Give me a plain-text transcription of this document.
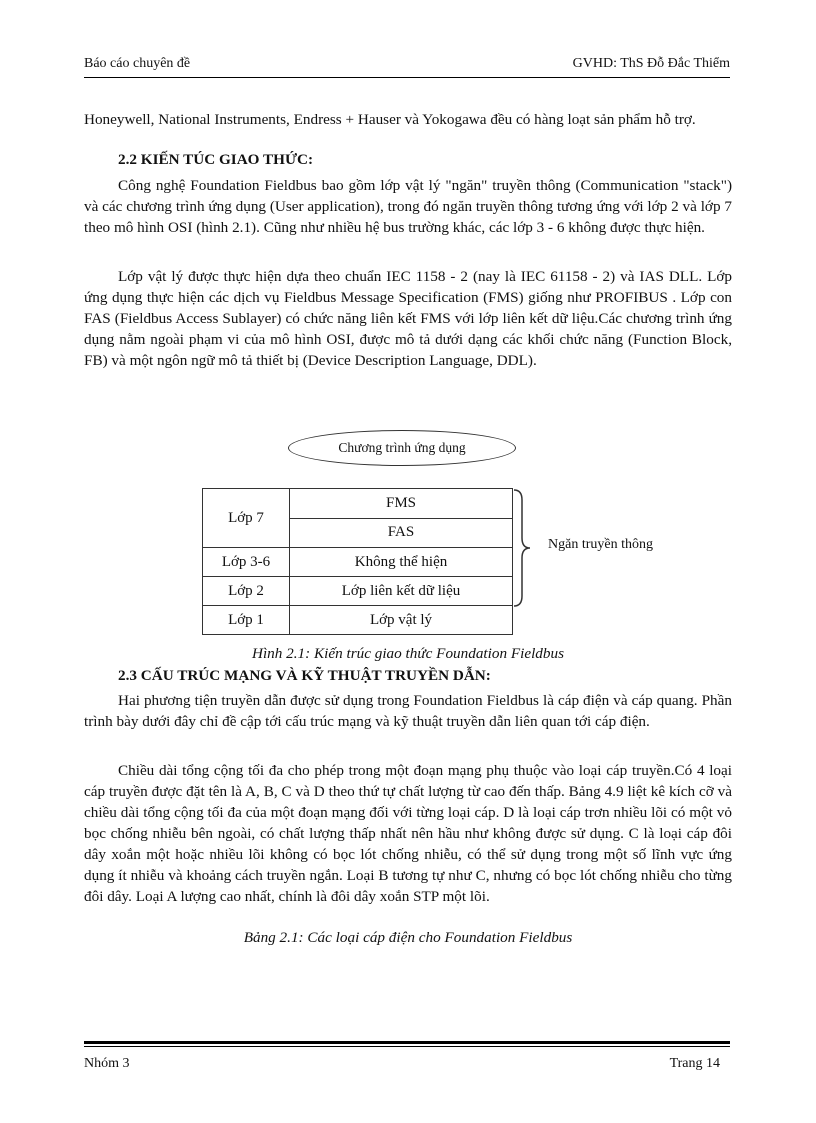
Báo cáo chuyên đề	GVHD: ThS Đỗ Đắc Thiểm

Honeywell, National Instruments, Endress + Hauser và Yokogawa đều có hàng loạt sản phẩm hỗ trợ.

2.2 KIẾN TÚC GIAO THỨC:

Công nghệ Foundation Fieldbus bao gồm lớp vật lý "ngăn" truyền thông (Communication "stack") và các chương trình ứng dụng (User application), trong đó ngăn truyền thông tương ứng với lớp 2 và lớp 7 theo mô hình OSI (hình 2.1). Cũng như nhiều hệ bus trường khác, các lớp 3 - 6 không được thực hiện.

Lớp vật lý được thực hiện dựa theo chuẩn IEC 1158 - 2 (nay là IEC 61158 - 2) và IAS DLL. Lớp ứng dụng thực hiện các dịch vụ Fieldbus Message Specification (FMS) giống như PROFIBUS . Lớp con FAS (Fieldbus Access Sublayer) có chức năng liên kết FMS với lớp liên kết dữ liệu.Các chương trình ứng dụng nằm ngoài phạm vi của mô hình OSI, được mô tả dưới dạng các khối chức năng (Function Block, FB) và một ngôn ngữ mô tả thiết bị (Device Description Language, DDL).

Chương trình ứng dụng
Lớp 7	FMS
	FAS
Lớp 3-6	Không thể hiện
Lớp 2	Lớp liên kết dữ liệu
Lớp 1	Lớp vật lý
Ngăn truyền thông
Hình 2.1: Kiến trúc giao thức Foundation Fieldbus
2.3 CẤU TRÚC MẠNG VÀ KỸ THUẬT TRUYỀN DẪN:

Hai phương tiện truyền dẫn được sử dụng trong Foundation Fieldbus là cáp điện và cáp quang. Phần trình bày dưới đây chỉ đề cập tới cấu trúc mạng và kỹ thuật truyền dẫn liên quan tới cáp điện.

Chiều dài tổng cộng tối đa cho phép trong một đoạn mạng phụ thuộc vào loại cáp truyền.Có 4 loại cáp truyền được đặt tên là A, B, C và D theo thứ tự chất lượng từ cao đến thấp. Bảng 4.9 liệt kê kích cỡ và chiều dài tổng cộng tối đa của một đoạn mạng đối với từng loại cáp. D là loại cáp trơn nhiều lõi có một vỏ bọc chống nhiễu bên ngoài, có chất lượng thấp nhất nên hầu như không được sử dụng. C là loại cáp đôi dây xoắn một hoặc nhiều lõi không có bọc lót chống nhiễu, có thể sử dụng trong một số lĩnh vực ứng dụng ít nhiễu và khoảng cách truyền ngắn. Loại B tương tự như C, nhưng có bọc lót chống nhiễu cho từng đôi dây. Loại A lượng cao nhất, chính là đôi dây xoắn STP một lõi.

Bảng 2.1: Các loại cáp điện cho Foundation Fieldbus
Nhóm 3	Trang 14
